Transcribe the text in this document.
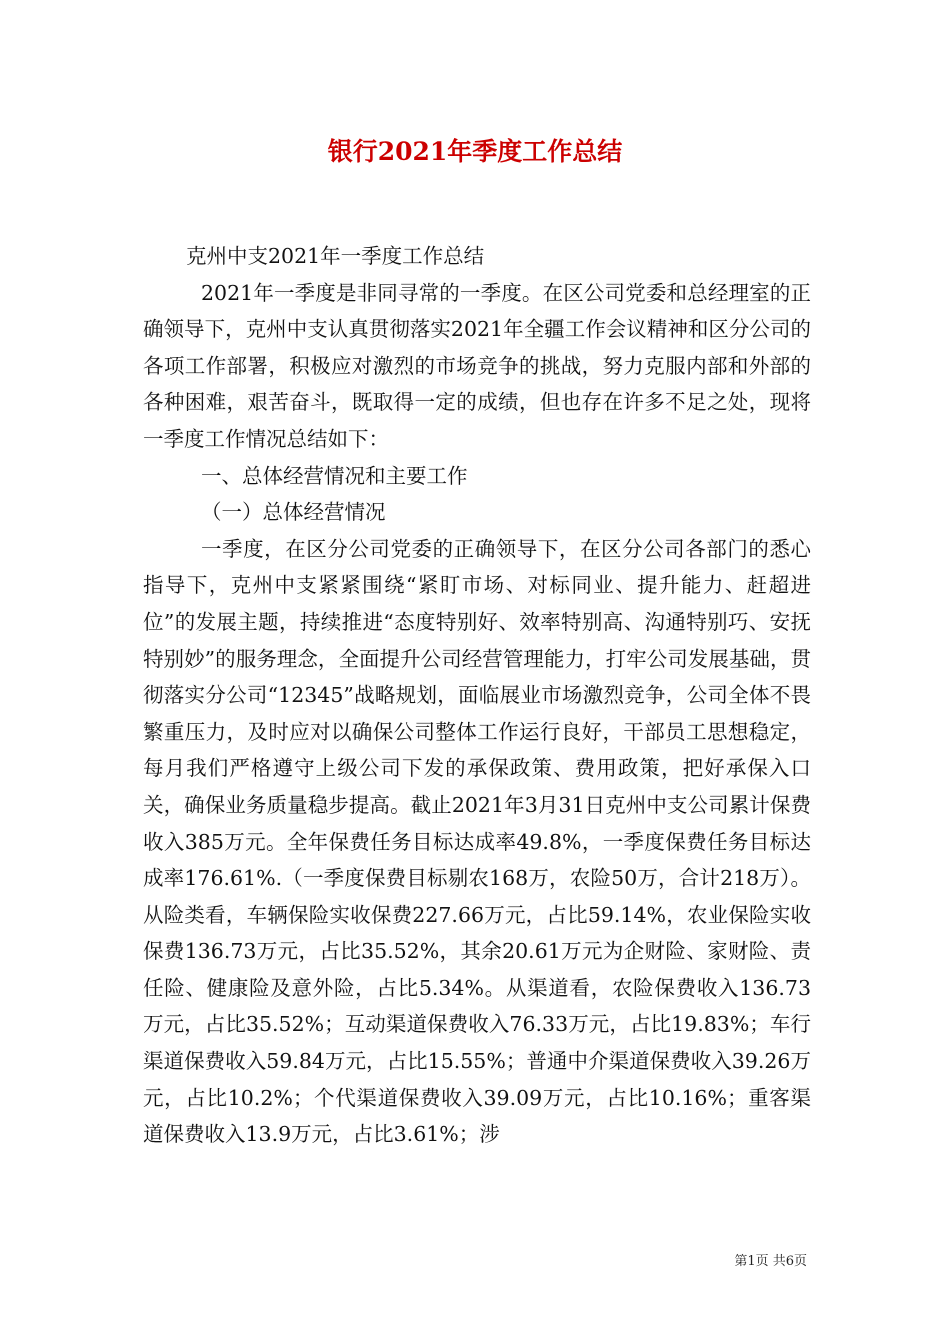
银行2021年季度工作总结

克州中支2021年一季度工作总结

2021年一季度是非同寻常的一季度。在区公司党委和总经理室的正确领导下，克州中支认真贯彻落实2021年全疆工作会议精神和区分公司的各项工作部署，积极应对激烈的市场竞争的挑战，努力克服内部和外部的各种困难，艰苦奋斗，既取得一定的成绩，但也存在许多不足之处，现将一季度工作情况总结如下：

一、总体经营情况和主要工作

（一）总体经营情况

一季度，在区分公司党委的正确领导下，在区分公司各部门的悉心指导下，克州中支紧紧围绕“紧盯市场、对标同业、提升能力、赶超进位”的发展主题，持续推进“态度特别好、效率特别高、沟通特别巧、安抚特别妙”的服务理念，全面提升公司经营管理能力，打牢公司发展基础，贯彻落实分公司“12345”战略规划，面临展业市场激烈竞争，公司全体不畏繁重压力，及时应对以确保公司整体工作运行良好，干部员工思想稳定，每月我们严格遵守上级公司下发的承保政策、费用政策，把好承保入口关，确保业务质量稳步提高。截止2021年3月31日克州中支公司累计保费收入385万元。全年保费任务目标达成率49.8%，一季度保费任务目标达成率176.61%.（一季度保费目标剔农168万，农险50万，合计218万）。从险类看，车辆保险实收保费227.66万元，占比59.14%，农业保险实收保费136.73万元，占比35.52%，其余20.61万元为企财险、家财险、责任险、健康险及意外险，占比5.34%。从渠道看，农险保费收入136.73万元，占比35.52%；互动渠道保费收入76.33万元，占比19.83%；车行渠道保费收入59.84万元，占比15.55%；普通中介渠道保费收入39.26万元，占比10.2%；个代渠道保费收入39.09万元，占比10.16%；重客渠道保费收入13.9万元，占比3.61%；涉

第1页 共6页
